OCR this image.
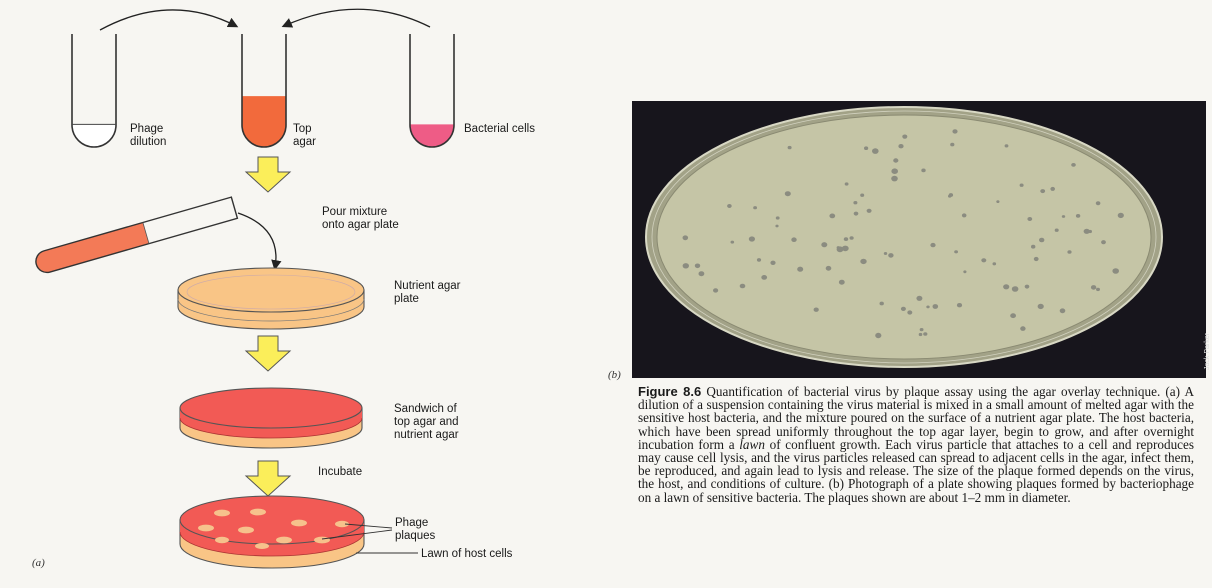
Phage
dilution
Top
agar
Bacterial cells
Pour mixture
onto agar plate
Nutrient agar
plate
Sandwich of
top agar and
nutrient agar
Incubate
Phage
plaques
Lawn of host cells
(a)
Jack Parker
(b)
Figure 8.6 Quantification of bacterial virus by plaque assay using the agar overlay technique. (a) A dilution of a suspension containing the virus material is mixed in a small amount of melted agar with the sensitive host bacteria, and the mixture poured on the surface of a nutrient agar plate. The host bacteria, which have been spread uniformly throughout the top agar layer, begin to grow, and after overnight incubation form a lawn of confluent growth. Each virus particle that attaches to a cell and reproduces may cause cell lysis, and the virus particles released can spread to adjacent cells in the agar, infect them, be reproduced, and again lead to lysis and release. The size of the plaque formed depends on the virus, the host, and conditions of culture. (b) Photograph of a plate showing plaques formed by bacteriophage on a lawn of sensitive bacteria. The plaques shown are about 1–2 mm in diameter.
